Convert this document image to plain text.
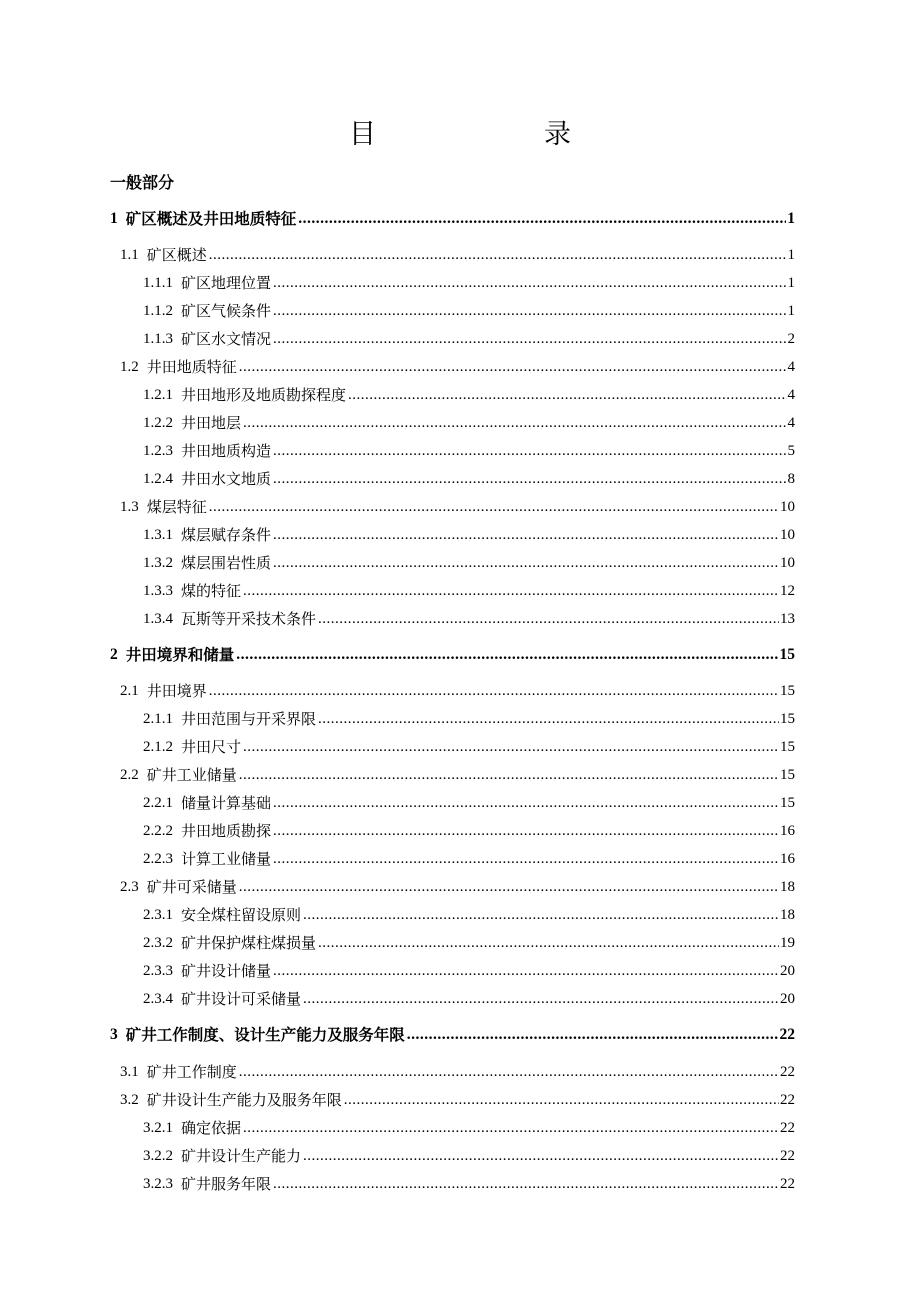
目　　录
一般部分
1 矿区概述及井田地质特征 .....	1
1.1 矿区概述 .....	1
1.1.1 矿区地理位置 .....	1
1.1.2 矿区气候条件 .....	1
1.1.3 矿区水文情况 .....	2
1.2 井田地质特征 .....	4
1.2.1 井田地形及地质勘探程度 .....	4
1.2.2 井田地层 .....	4
1.2.3 井田地质构造 .....	5
1.2.4 井田水文地质 .....	8
1.3 煤层特征 .....	10
1.3.1 煤层赋存条件 .....	10
1.3.2 煤层围岩性质 .....	10
1.3.3 煤的特征 .....	12
1.3.4 瓦斯等开采技术条件 .....	13
2 井田境界和储量 .....	15
2.1 井田境界 .....	15
2.1.1 井田范围与开采界限 .....	15
2.1.2 井田尺寸 .....	15
2.2 矿井工业储量 .....	15
2.2.1 储量计算基础 .....	15
2.2.2 井田地质勘探 .....	16
2.2.3 计算工业储量 .....	16
2.3 矿井可采储量 .....	18
2.3.1 安全煤柱留设原则 .....	18
2.3.2 矿井保护煤柱煤损量 .....	19
2.3.3 矿井设计储量 .....	20
2.3.4 矿井设计可采储量 .....	20
3 矿井工作制度、设计生产能力及服务年限 .....	22
3.1 矿井工作制度 .....	22
3.2 矿井设计生产能力及服务年限 .....	22
3.2.1 确定依据 .....	22
3.2.2 矿井设计生产能力 .....	22
3.2.3 矿井服务年限 .....	22
